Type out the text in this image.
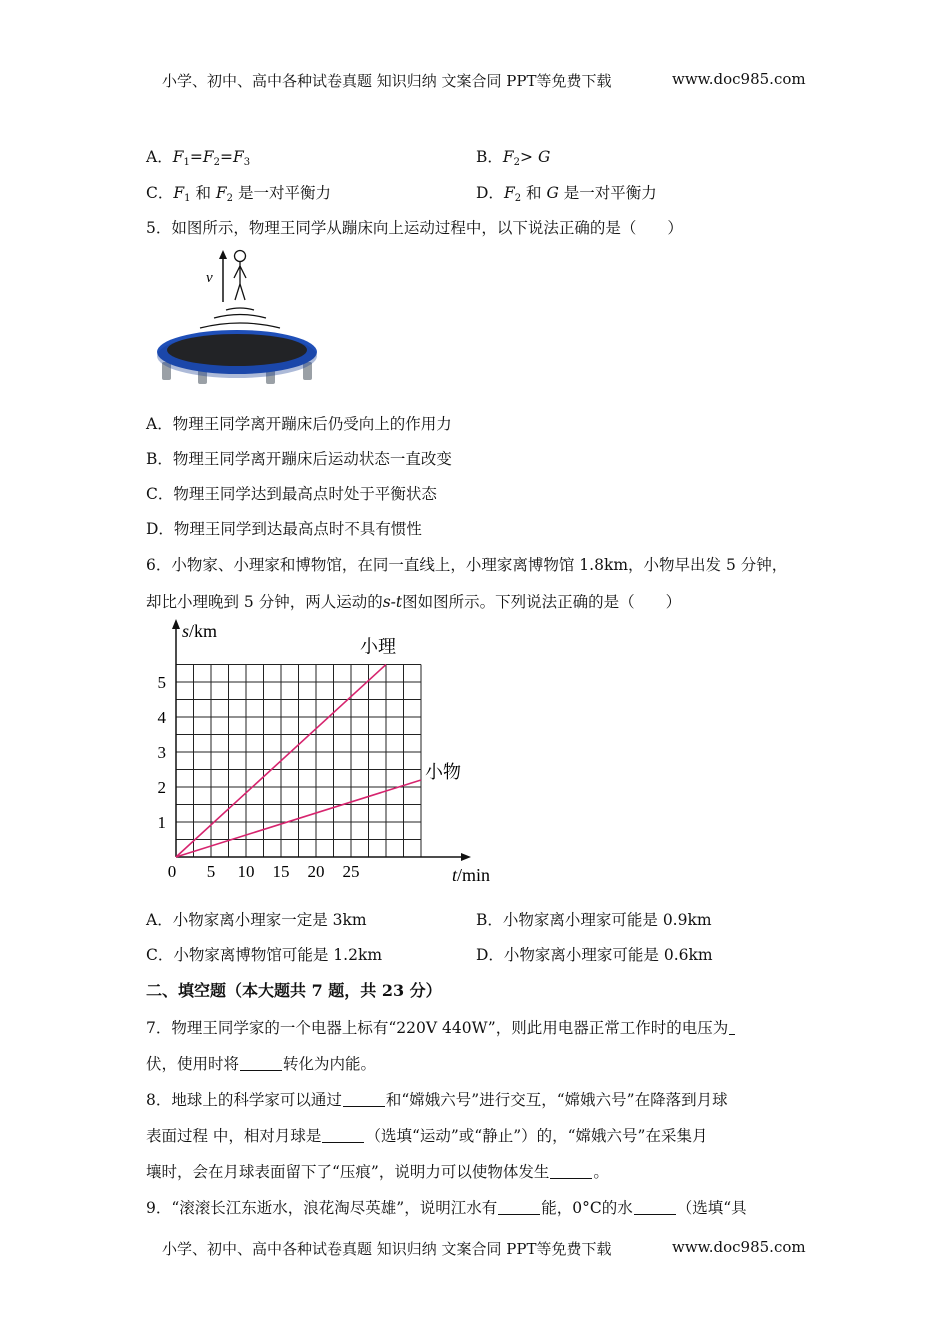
小学、初中、高中各种试卷真题 知识归纳 文案合同 PPT等免费下载	www.doc985.com
A．$F_1=F_2=F_3$	B．$F_2> G$
C．$F_1$ 和 $F_2$ 是一对平衡力	D．$F_2$ 和 G 是一对平衡力
5．如图所示，物理王同学从蹦床向上运动过程中，以下说法正确的是（　　）
v
A．物理王同学离开蹦床后仍受向上的作用力
B．物理王同学离开蹦床后运动状态一直改变
C．物理王同学达到最高点时处于平衡状态
D．物理王同学到达最高点时不具有惯性
6．小物家、小理家和博物馆，在同一直线上，小理家离博物馆 1.8km，小物早出发 5 分钟，
却比小理晚到 5 分钟，两人运动的s-t图如图所示。下列说法正确的是（　　）
0 5 10 15 20 25
1
2
3
4
5
s/km
t/min
小理
小物
A．小物家离小理家一定是 3km	B．小物家离小理家可能是 0.9km
C．小物家离博物馆可能是 1.2km	D．小物家离小理家可能是 0.6km
二、填空题（本大题共 7 题，共 23 分）
7．物理王同学家的一个电器上标有“220V 440W”，则此用电器正常工作时的电压为
伏，使用时将	转化为内能。
8．地球上的科学家可以通过	和“嫦娥六号”进行交互，“嫦娥六号”在降落到月球
表面过程 中，相对月球是	（选填“运动”或“静止”）的，“嫦娥六号”在采集月
壤时，会在月球表面留下了“压痕”，说明力可以使物体发生	。
9．“滚滚长江东逝水，浪花淘尽英雄”，说明江水有	能，0°C的水	（选填“具
小学、初中、高中各种试卷真题 知识归纳 文案合同 PPT等免费下载	www.doc985.com
